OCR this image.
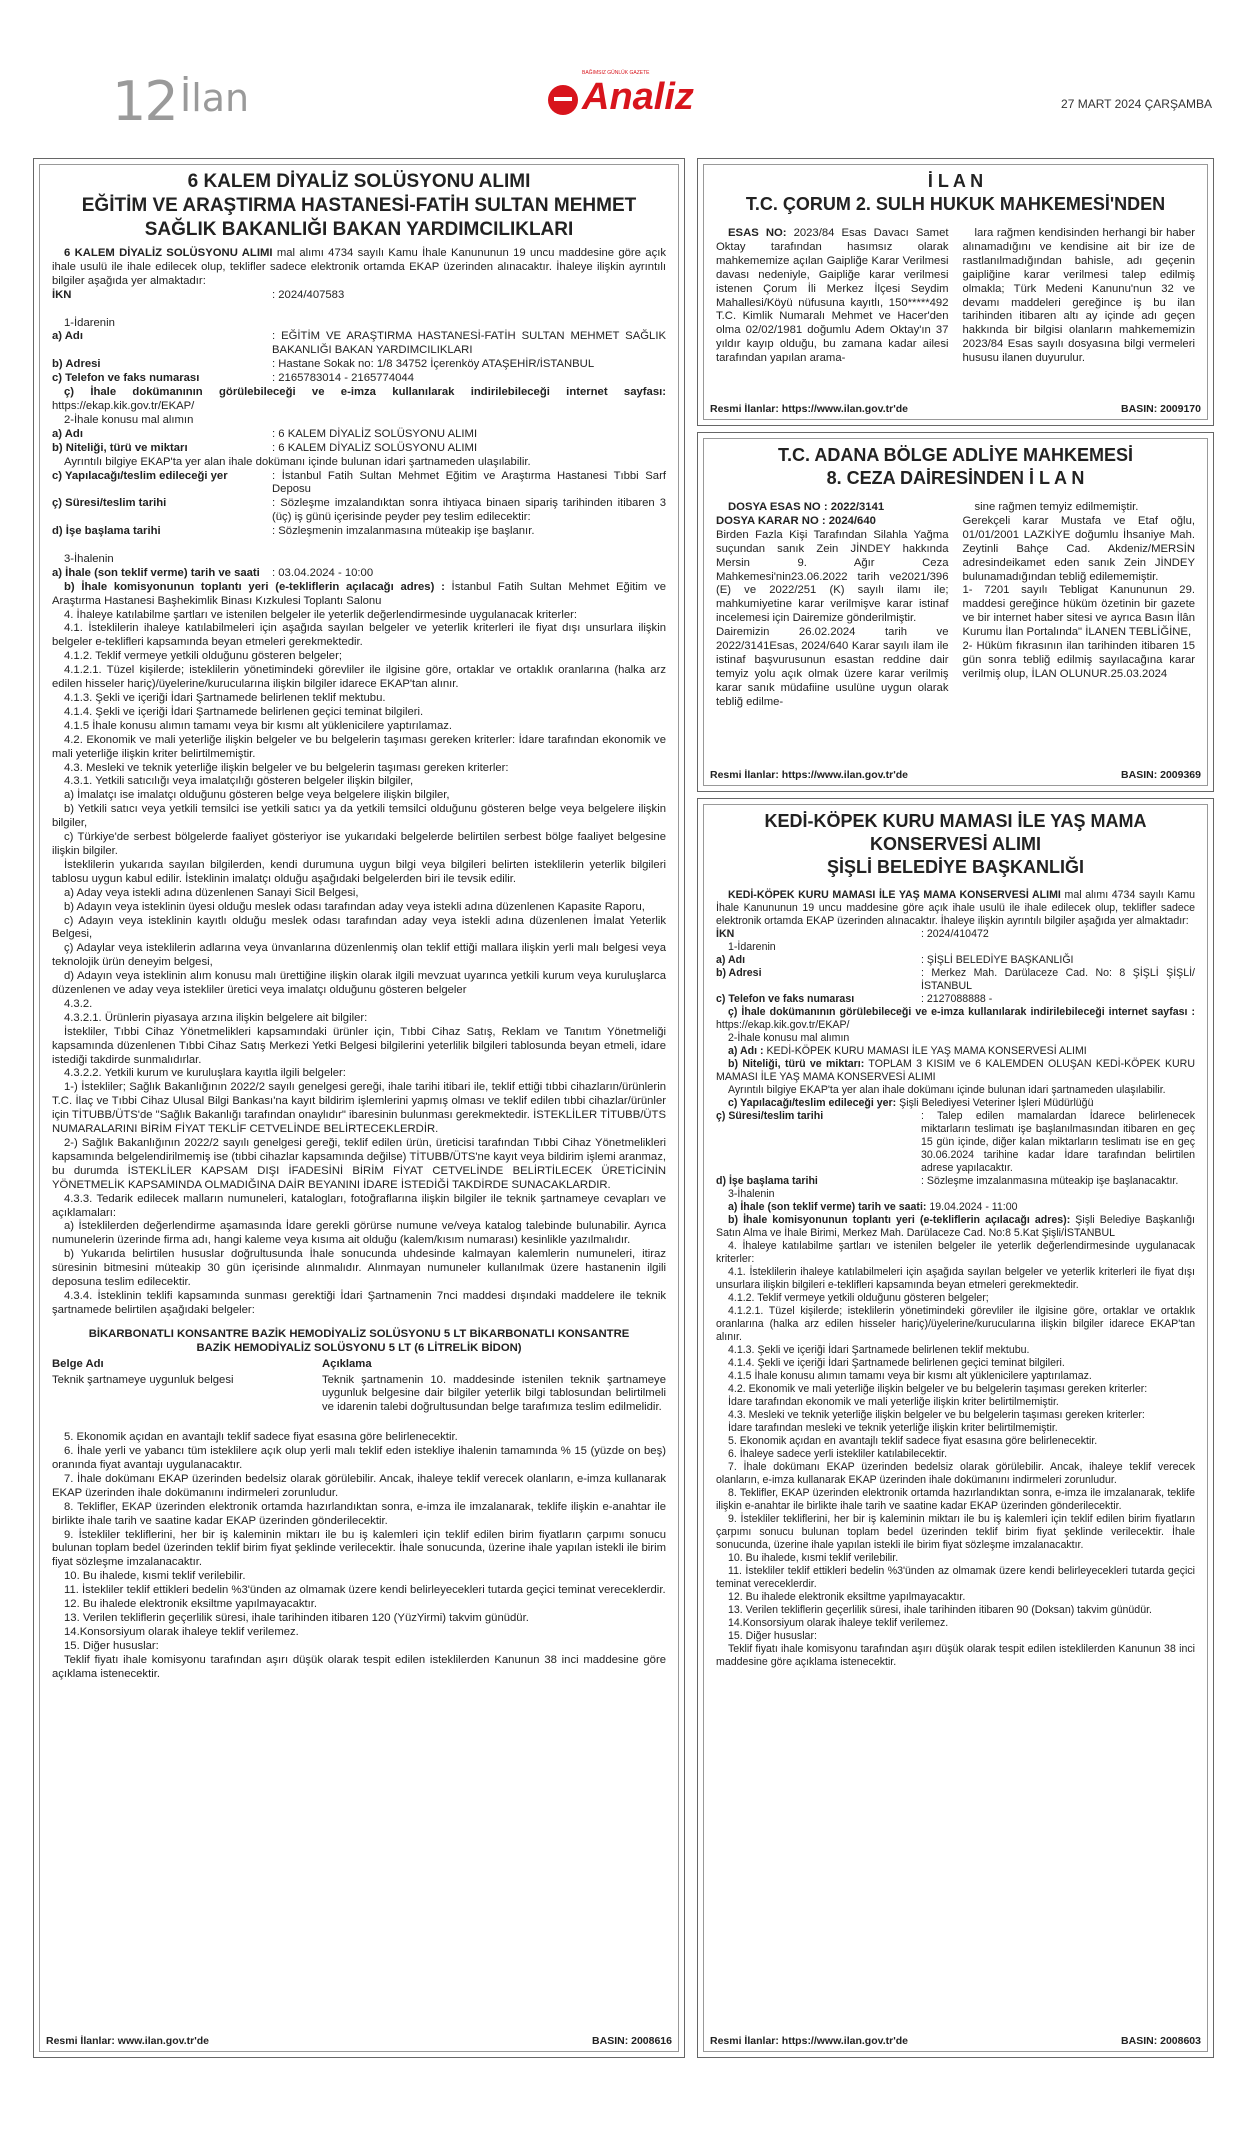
12 İlan
BAĞIMSIZ GÜNLÜK GAZETE
Analiz	27 MART 2024 ÇARŞAMBA
6 KALEM DİYALİZ SOLÜSYONU ALIMI
EĞİTİM VE ARAŞTIRMA HASTANESİ-FATİH SULTAN MEHMET
SAĞLIK BAKANLIĞI BAKAN YARDIMCILIKLARI

6 KALEM DİYALİZ SOLÜSYONU ALIMI mal alımı 4734 sayılı Kamu İhale Kanununun 19 uncu maddesine göre açık ihale usulü ile ihale edilecek olup, teklifler sadece elektronik ortamda EKAP üzerinden alınacaktır. İhaleye ilişkin ayrıntılı bilgiler aşağıda yer almaktadır:

İKN	: 2024/407583

1-İdarenin

a) Adı	: EĞİTİM VE ARAŞTIRMA HASTANESİ-FATİH SULTAN MEHMET SAĞLIK BAKANLIĞI BAKAN YARDIMCILIKLARI
b) Adresi	: Hastane Sokak no: 1/8 34752 İçerenköy ATAŞEHİR/İSTANBUL
c) Telefon ve faks numarası	: 2165783014 - 2165774044

ç) İhale dokümanının görülebileceği ve e-imza kullanılarak indirilebileceği internet sayfası: https://ekap.kik.gov.tr/EKAP/

2-İhale konusu mal alımın

a) Adı	: 6 KALEM DİYALİZ SOLÜSYONU ALIMI
b) Niteliği, türü ve miktarı	: 6 KALEM DİYALİZ SOLÜSYONU ALIMI

Ayrıntılı bilgiye EKAP'ta yer alan ihale dokümanı içinde bulunan idari şartnameden ulaşılabilir.

c) Yapılacağı/teslim edileceği yer	: İstanbul Fatih Sultan Mehmet Eğitim ve Araştırma Hastanesi Tıbbi Sarf Deposu
ç) Süresi/teslim tarihi	: Sözleşme imzalandıktan sonra ihtiyaca binaen sipariş tarihinden itibaren 3 (üç) iş günü içerisinde peyder pey teslim edilecektir:
d) İşe başlama tarihi	: Sözleşmenin imzalanmasına müteakip işe başlanır.

3-İhalenin

a) İhale (son teklif verme) tarih ve saati	: 03.04.2024 - 10:00

b) İhale komisyonunun toplantı yeri (e-tekliflerin açılacağı adres) : İstanbul Fatih Sultan Mehmet Eğitim ve Araştırma Hastanesi Başhekimlik Binası Kızkulesi Toplantı Salonu

4. İhaleye katılabilme şartları ve istenilen belgeler ile yeterlik değerlendirmesinde uygulanacak kriterler:

4.1. İsteklilerin ihaleye katılabilmeleri için aşağıda sayılan belgeler ve yeterlik kriterleri ile fiyat dışı unsurlara ilişkin belgeler e-teklifleri kapsamında beyan etmeleri gerekmektedir.

4.1.2. Teklif vermeye yetkili olduğunu gösteren belgeler;

4.1.2.1. Tüzel kişilerde; isteklilerin yönetimindeki görevliler ile ilgisine göre, ortaklar ve ortaklık oranlarına (halka arz edilen hisseler hariç)/üyelerine/kurucularına ilişkin bilgiler idarece EKAP'tan alınır.

4.1.3. Şekli ve içeriği İdari Şartnamede belirlenen teklif mektubu.

4.1.4. Şekli ve içeriği İdari Şartnamede belirlenen geçici teminat bilgileri.

4.1.5 İhale konusu alımın tamamı veya bir kısmı alt yüklenicilere yaptırılamaz.

4.2. Ekonomik ve mali yeterliğe ilişkin belgeler ve bu belgelerin taşıması gereken kriterler: İdare tarafından ekonomik ve mali yeterliğe ilişkin kriter belirtilmemiştir.

4.3. Mesleki ve teknik yeterliğe ilişkin belgeler ve bu belgelerin taşıması gereken kriterler:

4.3.1. Yetkili satıcılığı veya imalatçılığı gösteren belgeler ilişkin bilgiler,

a) İmalatçı ise imalatçı olduğunu gösteren belge veya belgelere ilişkin bilgiler,

b) Yetkili satıcı veya yetkili temsilci ise yetkili satıcı ya da yetkili temsilci olduğunu gösteren belge veya belgelere ilişkin bilgiler,

c) Türkiye'de serbest bölgelerde faaliyet gösteriyor ise yukarıdaki belgelerde belirtilen serbest bölge faaliyet belgesine ilişkin bilgiler.

İsteklilerin yukarıda sayılan bilgilerden, kendi durumuna uygun bilgi veya bilgileri belirten isteklilerin yeterlik bilgileri tablosu uygun kabul edilir. İsteklinin imalatçı olduğu aşağıdaki belgelerden biri ile tevsik edilir.

a) Aday veya istekli adına düzenlenen Sanayi Sicil Belgesi,

b) Adayın veya isteklinin üyesi olduğu meslek odası tarafından aday veya istekli adına düzenlenen Kapasite Raporu,

c) Adayın veya isteklinin kayıtlı olduğu meslek odası tarafından aday veya istekli adına düzenlenen İmalat Yeterlik Belgesi,

ç) Adaylar veya isteklilerin adlarına veya ünvanlarına düzenlenmiş olan teklif ettiği mallara ilişkin yerli malı belgesi veya teknolojik ürün deneyim belgesi,

d) Adayın veya isteklinin alım konusu malı ürettiğine ilişkin olarak ilgili mevzuat uyarınca yetkili kurum veya kuruluşlarca düzenlenen ve aday veya istekliler üretici veya imalatçı olduğunu gösteren belgeler

4.3.2.

4.3.2.1. Ürünlerin piyasaya arzına ilişkin belgelere ait bilgiler:

İstekliler, Tıbbi Cihaz Yönetmelikleri kapsamındaki ürünler için, Tıbbi Cihaz Satış, Reklam ve Tanıtım Yönetmeliği kapsamında düzenlenen Tıbbi Cihaz Satış Merkezi Yetki Belgesi bilgilerini yeterlilik bilgileri tablosunda beyan etmeli, idare istediği takdirde sunmalıdırlar.

4.3.2.2. Yetkili kurum ve kuruluşlara kayıtla ilgili belgeler:

1-) İstekliler; Sağlık Bakanlığının 2022/2 sayılı genelgesi gereği, ihale tarihi itibari ile, teklif ettiği tıbbi cihazların/ürünlerin T.C. İlaç ve Tıbbi Cihaz Ulusal Bilgi Bankası'na kayıt bildirim işlemlerini yapmış olması ve teklif edilen tıbbi cihazlar/ürünler için TİTUBB/ÜTS'de "Sağlık Bakanlığı tarafından onaylıdır" ibaresinin bulunması gerekmektedir. İSTEKLİLER TİTUBB/ÜTS NUMARALARINI BİRİM FİYAT TEKLİF CETVELİNDE BELİRTECEKLERDİR.

2-) Sağlık Bakanlığının 2022/2 sayılı genelgesi gereği, teklif edilen ürün, üreticisi tarafından Tıbbi Cihaz Yönetmelikleri kapsamında belgelendirilmemiş ise (tıbbi cihazlar kapsamında değilse) TİTUBB/ÜTS'ne kayıt veya bildirim işlemi aranmaz, bu durumda İSTEKLİLER KAPSAM DIŞI İFADESİNİ BİRİM FİYAT CETVELİNDE BELİRTİLECEK ÜRETİCİNİN YÖNETMELİK KAPSAMINDA OLMADIĞINA DAİR BEYANINI İDARE İSTEDİĞİ TAKDİRDE SUNACAKLARDIR.

4.3.3. Tedarik edilecek malların numuneleri, katalogları, fotoğraflarına ilişkin bilgiler ile teknik şartnameye cevapları ve açıklamaları:

a) İsteklilerden değerlendirme aşamasında İdare gerekli görürse numune ve/veya katalog talebinde bulunabilir. Ayrıca numunelerin üzerinde firma adı, hangi kaleme veya kısıma ait olduğu (kalem/kısım numarası) kesinlikle yazılmalıdır.

b) Yukarıda belirtilen hususlar doğrultusunda İhale sonucunda uhdesinde kalmayan kalemlerin numuneleri, itiraz süresinin bitmesini müteakip 30 gün içerisinde alınmalıdır. Alınmayan numuneler kullanılmak üzere hastanenin ilgili deposuna teslim edilecektir.

4.3.4. İsteklinin teklifi kapsamında sunması gerektiği İdari Şartnamenin 7nci maddesi dışındaki maddelere ile teknik şartnamede belirtilen aşağıdaki belgeler:

BİKARBONATLI KONSANTRE BAZİK HEMODİYALİZ SOLÜSYONU 5 LT BİKARBONATLI KONSANTRE BAZİK HEMODİYALİZ SOLÜSYONU 5 LT (6 LİTRELİK BİDON)
Belge Adı	Açıklama
Teknik şartnameye uygunluk belgesi	Teknik şartnamenin 10. maddesinde istenilen teknik şartnameye uygunluk belgesine dair bilgiler yeterlik bilgi tablosundan belirtilmeli ve idarenin talebi doğrultusundan belge tarafımıza teslim edilmelidir.

5. Ekonomik açıdan en avantajlı teklif sadece fiyat esasına göre belirlenecektir.

6. İhale yerli ve yabancı tüm isteklilere açık olup yerli malı teklif eden istekliye ihalenin tamamında % 15 (yüzde on beş) oranında fiyat avantajı uygulanacaktır.

7. İhale dokümanı EKAP üzerinden bedelsiz olarak görülebilir. Ancak, ihaleye teklif verecek olanların, e-imza kullanarak EKAP üzerinden ihale dokümanını indirmeleri zorunludur.

8. Teklifler, EKAP üzerinden elektronik ortamda hazırlandıktan sonra, e-imza ile imzalanarak, teklife ilişkin e-anahtar ile birlikte ihale tarih ve saatine kadar EKAP üzerinden gönderilecektir.

9. İstekliler tekliflerini, her bir iş kaleminin miktarı ile bu iş kalemleri için teklif edilen birim fiyatların çarpımı sonucu bulunan toplam bedel üzerinden teklif birim fiyat şeklinde verilecektir. İhale sonucunda, üzerine ihale yapılan istekli ile birim fiyat sözleşme imzalanacaktır.

10. Bu ihalede, kısmi teklif verilebilir.

11. İstekliler teklif ettikleri bedelin %3'ünden az olmamak üzere kendi belirleyecekleri tutarda geçici teminat vereceklerdir.

12. Bu ihalede elektronik eksiltme yapılmayacaktır.

13. Verilen tekliflerin geçerlilik süresi, ihale tarihinden itibaren 120 (YüzYirmi) takvim günüdür.

14.Konsorsiyum olarak ihaleye teklif verilemez.

15. Diğer hususlar:

Teklif fiyatı ihale komisyonu tarafından aşırı düşük olarak tespit edilen isteklilerden Kanunun 38 inci maddesine göre açıklama istenecektir.

Resmi İlanlar: www.ilan.gov.tr'de	BASIN: 2008616
İ L A N
T.C. ÇORUM 2. SULH HUKUK MAHKEMESİ'NDEN
ESAS NO: 2023/84 Esas Davacı Samet Oktay tarafından hasımsız olarak mahkememize açılan Gaipliğe Karar Verilmesi davası nedeniyle, Gaipliğe karar verilmesi istenen Çorum İli Merkez İlçesi Seydim Mahallesi/Köyü nüfusuna kayıtlı, 150*****492 T.C. Kimlik Numaralı Mehmet ve Hacer'den olma 02/02/1981 doğumlu Adem Oktay'ın 37 yıldır kayıp olduğu, bu zamana kadar ailesi tarafından yapılan arama-
lara rağmen kendisinden herhangi bir haber alınamadığını ve kendisine ait bir ize de rastlanılmadığından bahisle, adı geçenin gaipliğine karar verilmesi talep edilmiş olmakla; Türk Medeni Kanunu'nun 32 ve devamı maddeleri gereğince iş bu ilan tarihinden itibaren altı ay içinde adı geçen hakkında bir bilgisi olanların mahkememizin 2023/84 Esas sayılı dosyasına bilgi vermeleri hususu ilanen duyurulur.
Resmi İlanlar: https://www.ilan.gov.tr'de	BASIN: 2009170
T.C. ADANA BÖLGE ADLİYE MAHKEMESİ
8. CEZA DAİRESİNDEN İ L A N
DOSYA ESAS NO : 2022/3141
DOSYA KARAR NO : 2024/640
Birden Fazla Kişi Tarafından Silahla Yağma suçundan sanık Zein JİNDEY hakkında Mersin 9. Ağır Ceza Mahkemesi'nin23.06.2022 tarih ve2021/396 (E) ve 2022/251 (K) sayılı ilamı ile; mahkumiyetine karar verilmişve karar istinaf incelemesi için Dairemize gönderilmiştir.
Dairemizin 26.02.2024 tarih ve 2022/3141Esas, 2024/640 Karar sayılı ilam ile istinaf başvurusunun esastan reddine dair temyiz yolu açık olmak üzere karar verilmiş karar sanık müdafiine usulüne uygun olarak tebliğ edilme-
sine rağmen temyiz edilmemiştir.
Gerekçeli karar Mustafa ve Etaf oğlu, 01/01/2001 LAZKİYE doğumlu İhsaniye Mah. Zeytinli Bahçe Cad. Akdeniz/MERSİN adresindeikamet eden sanık Zein JİNDEY bulunamadığından tebliğ edilememiştir.
1- 7201 sayılı Tebligat Kanununun 29. maddesi gereğince hüküm özetinin bir gazete ve bir internet haber sitesi ve ayrıca Basın İlân Kurumu İlan Portalında" İLANEN TEBLİĞİNE,
2- Hüküm fıkrasının ilan tarihinden itibaren 15 gün sonra tebliğ edilmiş sayılacağına karar verilmiş olup, İLAN OLUNUR.25.03.2024
Resmi İlanlar: https://www.ilan.gov.tr'de	BASIN: 2009369
KEDİ-KÖPEK KURU MAMASI İLE YAŞ MAMA
KONSERVESİ ALIMI
ŞİŞLİ BELEDİYE BAŞKANLIĞI

KEDİ-KÖPEK KURU MAMASI İLE YAŞ MAMA KONSERVESİ ALIMI mal alımı 4734 sayılı Kamu İhale Kanununun 19 uncu maddesine göre açık ihale usulü ile ihale edilecek olup, teklifler sadece elektronik ortamda EKAP üzerinden alınacaktır. İhaleye ilişkin ayrıntılı bilgiler aşağıda yer almaktadır:

İKN	: 2024/410472

1-İdarenin

a) Adı	: ŞİŞLİ BELEDİYE BAŞKANLIĞI
b) Adresi	: Merkez Mah. Darülaceze Cad. No: 8 ŞİŞLİ ŞİŞLİ/İSTANBUL
c) Telefon ve faks numarası	: 2127088888 -

ç) İhale dokümanının görülebileceği ve e-imza kullanılarak indirilebileceği internet sayfası : https://ekap.kik.gov.tr/EKAP/

2-İhale konusu mal alımın

a) Adı : KEDİ-KÖPEK KURU MAMASI İLE YAŞ MAMA KONSERVESİ ALIMI

b) Niteliği, türü ve miktarı: TOPLAM 3 KISIM ve 6 KALEMDEN OLUŞAN KEDİ-KÖPEK KURU MAMASI İLE YAŞ MAMA KONSERVESİ ALIMI

Ayrıntılı bilgiye EKAP'ta yer alan ihale dokümanı içinde bulunan idari şartnameden ulaşılabilir.

c) Yapılacağı/teslim edileceği yer: Şişli Belediyesi Veteriner İşleri Müdürlüğü

ç) Süresi/teslim tarihi	: Talep edilen mamalardan İdarece belirlenecek miktarların teslimatı işe başlanılmasından itibaren en geç 15 gün içinde, diğer kalan miktarların teslimatı ise en geç 30.06.2024 tarihine kadar İdare tarafından belirtilen adrese yapılacaktır.
d) İşe başlama tarihi	: Sözleşme imzalanmasına müteakip işe başlanacaktır.

3-İhalenin

a) İhale (son teklif verme) tarih ve saati: 19.04.2024 - 11:00

b) İhale komisyonunun toplantı yeri (e-tekliflerin açılacağı adres): Şişli Belediye Başkanlığı Satın Alma ve İhale Birimi, Merkez Mah. Darülaceze Cad. No:8 5.Kat Şişli/İSTANBUL

4. İhaleye katılabilme şartları ve istenilen belgeler ile yeterlik değerlendirmesinde uygulanacak kriterler:

4.1. İsteklilerin ihaleye katılabilmeleri için aşağıda sayılan belgeler ve yeterlik kriterleri ile fiyat dışı unsurlara ilişkin bilgileri e-teklifleri kapsamında beyan etmeleri gerekmektedir.

4.1.2. Teklif vermeye yetkili olduğunu gösteren belgeler;

4.1.2.1. Tüzel kişilerde; isteklilerin yönetimindeki görevliler ile ilgisine göre, ortaklar ve ortaklık oranlarına (halka arz edilen hisseler hariç)/üyelerine/kurucularına ilişkin bilgiler idarece EKAP'tan alınır.

4.1.3. Şekli ve içeriği İdari Şartnamede belirlenen teklif mektubu.

4.1.4. Şekli ve içeriği İdari Şartnamede belirlenen geçici teminat bilgileri.

4.1.5 İhale konusu alımın tamamı veya bir kısmı alt yüklenicilere yaptırılamaz.

4.2. Ekonomik ve mali yeterliğe ilişkin belgeler ve bu belgelerin taşıması gereken kriterler:

İdare tarafından ekonomik ve mali yeterliğe ilişkin kriter belirtilmemiştir.

4.3. Mesleki ve teknik yeterliğe ilişkin belgeler ve bu belgelerin taşıması gereken kriterler:

İdare tarafından mesleki ve teknik yeterliğe ilişkin kriter belirtilmemiştir.

5. Ekonomik açıdan en avantajlı teklif sadece fiyat esasına göre belirlenecektir.

6. İhaleye sadece yerli istekliler katılabilecektir.

7. İhale dokümanı EKAP üzerinden bedelsiz olarak görülebilir. Ancak, ihaleye teklif verecek olanların, e-imza kullanarak EKAP üzerinden ihale dokümanını indirmeleri zorunludur.

8. Teklifler, EKAP üzerinden elektronik ortamda hazırlandıktan sonra, e-imza ile imzalanarak, teklife ilişkin e-anahtar ile birlikte ihale tarih ve saatine kadar EKAP üzerinden gönderilecektir.

9. İstekliler tekliflerini, her bir iş kaleminin miktarı ile bu iş kalemleri için teklif edilen birim fiyatların çarpımı sonucu bulunan toplam bedel üzerinden teklif birim fiyat şeklinde verilecektir. İhale sonucunda, üzerine ihale yapılan istekli ile birim fiyat sözleşme imzalanacaktır.

10. Bu ihalede, kısmi teklif verilebilir.

11. İstekliler teklif ettikleri bedelin %3'ünden az olmamak üzere kendi belirleyecekleri tutarda geçici teminat vereceklerdir.

12. Bu ihalede elektronik eksiltme yapılmayacaktır.

13. Verilen tekliflerin geçerlilik süresi, ihale tarihinden itibaren 90 (Doksan) takvim günüdür.

14.Konsorsiyum olarak ihaleye teklif verilemez.

15. Diğer hususlar:

Teklif fiyatı ihale komisyonu tarafından aşırı düşük olarak tespit edilen isteklilerden Kanunun 38 inci maddesine göre açıklama istenecektir.

Resmi İlanlar: https://www.ilan.gov.tr'de	BASIN: 2008603
